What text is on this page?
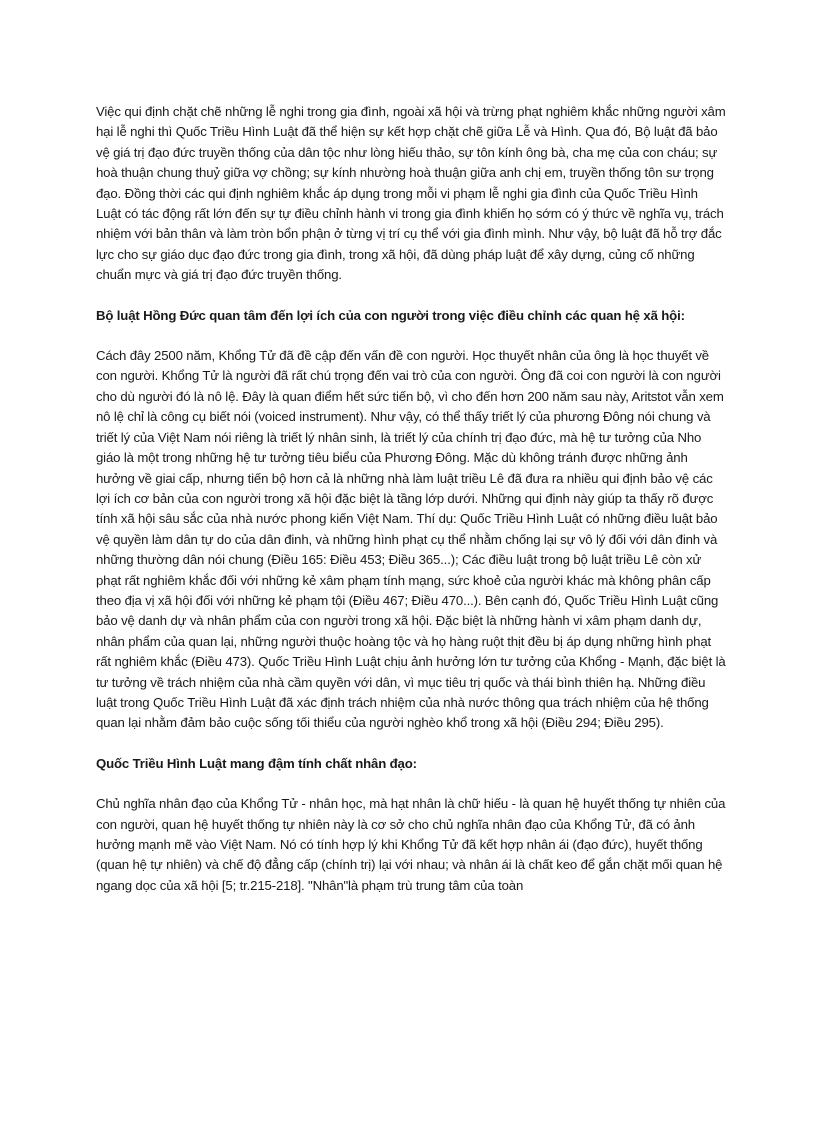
Việc qui định chặt chẽ những lễ nghi trong gia đình, ngoài xã hội và trừng phạt nghiêm khắc những người xâm hại lễ nghi thì Quốc Triều Hình Luật đã thể hiện sự kết hợp chặt chẽ giữa Lễ và Hình. Qua đó, Bộ luật đã bảo vệ giá trị đạo đức truyền thống của dân tộc như lòng hiếu thảo, sự tôn kính ông bà, cha mẹ của con cháu; sự hoà thuận chung thuỷ giữa vợ chồng; sự kính nhường hoà thuận giữa anh chị em, truyền thống tôn sư trọng đạo. Đồng thời các qui định nghiêm khắc áp dụng trong mỗi vi phạm lễ nghi gia đình của Quốc Triều Hình Luật có tác động rất lớn đến sự tự điều chỉnh hành vi trong gia đình khiến họ sớm có ý thức về nghĩa vụ, trách nhiệm với bản thân và làm tròn bổn phận ở từng vị trí cụ thể với gia đình mình. Như vậy, bộ luật đã hỗ trợ đắc lực cho sự giáo dục đạo đức trong gia đình, trong xã hội, đã dùng pháp luật để xây dựng, củng cố những chuẩn mực và giá trị đạo đức truyền thống.

Bộ luật Hồng Đức quan tâm đến lợi ích của con người trong việc điều chỉnh các quan hệ xã hội:

Cách đây 2500 năm, Khổng Tử đã đề cập đến vấn đề con người. Học thuyết nhân của ông là học thuyết về con người. Khổng Tử là người đã rất chú trọng đến vai trò của con người. Ông đã coi con người là con người cho dù người đó là nô lệ. Đây là quan điểm hết sức tiến bộ, vì cho đến hơn 200 năm sau này, Aritstot vẫn xem nô lệ chỉ là công cụ biết nói (voiced instrument). Như vậy, có thể thấy triết lý của phương Đông nói chung và triết lý của Việt Nam nói riêng là triết lý nhân sinh, là triết lý của chính trị đạo đức, mà hệ tư tưởng của Nho giáo là một trong những hệ tư tưởng tiêu biểu của Phương Đông. Mặc dù không tránh được những ảnh hưởng về giai cấp, nhưng tiến bộ hơn cả là những nhà làm luật triều Lê đã đưa ra nhiều qui định bảo vệ các lợi ích cơ bản của con người trong xã hội đặc biệt là tầng lớp dưới. Những qui định này giúp ta thấy rõ được tính xã hội sâu sắc của nhà nước phong kiến Việt Nam. Thí dụ: Quốc Triều Hình Luật có những điều luật bảo vệ quyền làm dân tự do của dân đinh, và những hình phạt cụ thể nhằm chống lại sự vô lý đối với dân đinh và những thường dân nói chung (Điều 165: Điều 453; Điều 365...); Các điều luật trong bộ luật triều Lê còn xử phạt rất nghiêm khắc đối với những kẻ xâm phạm tính mạng, sức khoẻ của người khác mà không phân cấp theo địa vị xã hội đối với những kẻ phạm tội (Điều 467; Điều 470...). Bên cạnh đó, Quốc Triều Hình Luật cũng bảo vệ danh dự và nhân phẩm của con người trong xã hội. Đặc biệt là những hành vi xâm phạm danh dự, nhân phẩm của quan lại, những người thuộc hoàng tộc và họ hàng ruột thịt đều bị áp dụng những hình phạt rất nghiêm khắc (Điều 473). Quốc Triều Hình Luật chịu ảnh hưởng lớn tư tưởng của Khổng - Mạnh, đặc biệt là tư tưởng về trách nhiệm của nhà cầm quyền với dân, vì mục tiêu trị quốc và thái bình thiên hạ. Những điều luật trong Quốc Triều Hình Luật đã xác định trách nhiệm của nhà nước thông qua trách nhiệm của hệ thống quan lại nhằm đảm bảo cuộc sống tối thiểu của người nghèo khổ trong xã hội (Điều 294; Điều 295).

Quốc Triều Hình Luật mang đậm tính chất nhân đạo:

Chủ nghĩa nhân đạo của Khổng Tử - nhân học, mà hạt nhân là chữ hiếu - là quan hệ huyết thống tự nhiên của con người, quan hệ huyết thống tự nhiên này là cơ sở cho chủ nghĩa nhân đạo của Khổng Tử, đã có ảnh hưởng mạnh mẽ vào Việt Nam. Nó có tính hợp lý khi Khổng Tử đã kết hợp nhân ái (đạo đức), huyết thống (quan hệ tự nhiên) và chế độ đẳng cấp (chính trị) lại với nhau; và nhân ái là chất keo để gắn chặt mối quan hệ ngang dọc của xã hội [5; tr.215-218]. "Nhân"là phạm trù trung tâm của toàn
